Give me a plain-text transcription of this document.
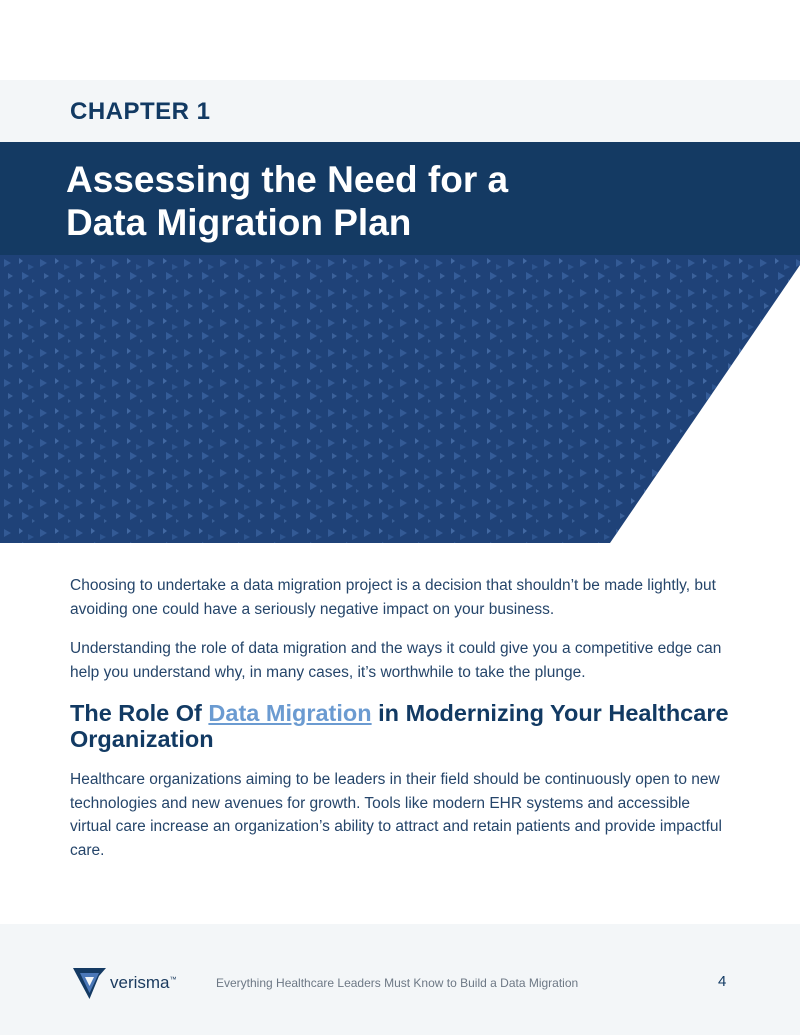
CHAPTER 1
Assessing the Need for a
Data Migration Plan

Choosing to undertake a data migration project is a decision that shouldn’t be made lightly, but avoiding one could have a seriously negative impact on your business.

Understanding the role of data migration and the ways it could give you a competitive edge can help you understand why, in many cases, it’s worthwhile to take the plunge.

The Role Of Data Migration in Modernizing Your Healthcare Organization

Healthcare organizations aiming to be leaders in their field should be continuously open to new technologies and new avenues for growth. Tools like modern EHR systems and accessible virtual care increase an organization’s ability to attract and retain patients and provide impactful care.

verisma™	Everything Healthcare Leaders Must Know to Build a Data Migration	4
